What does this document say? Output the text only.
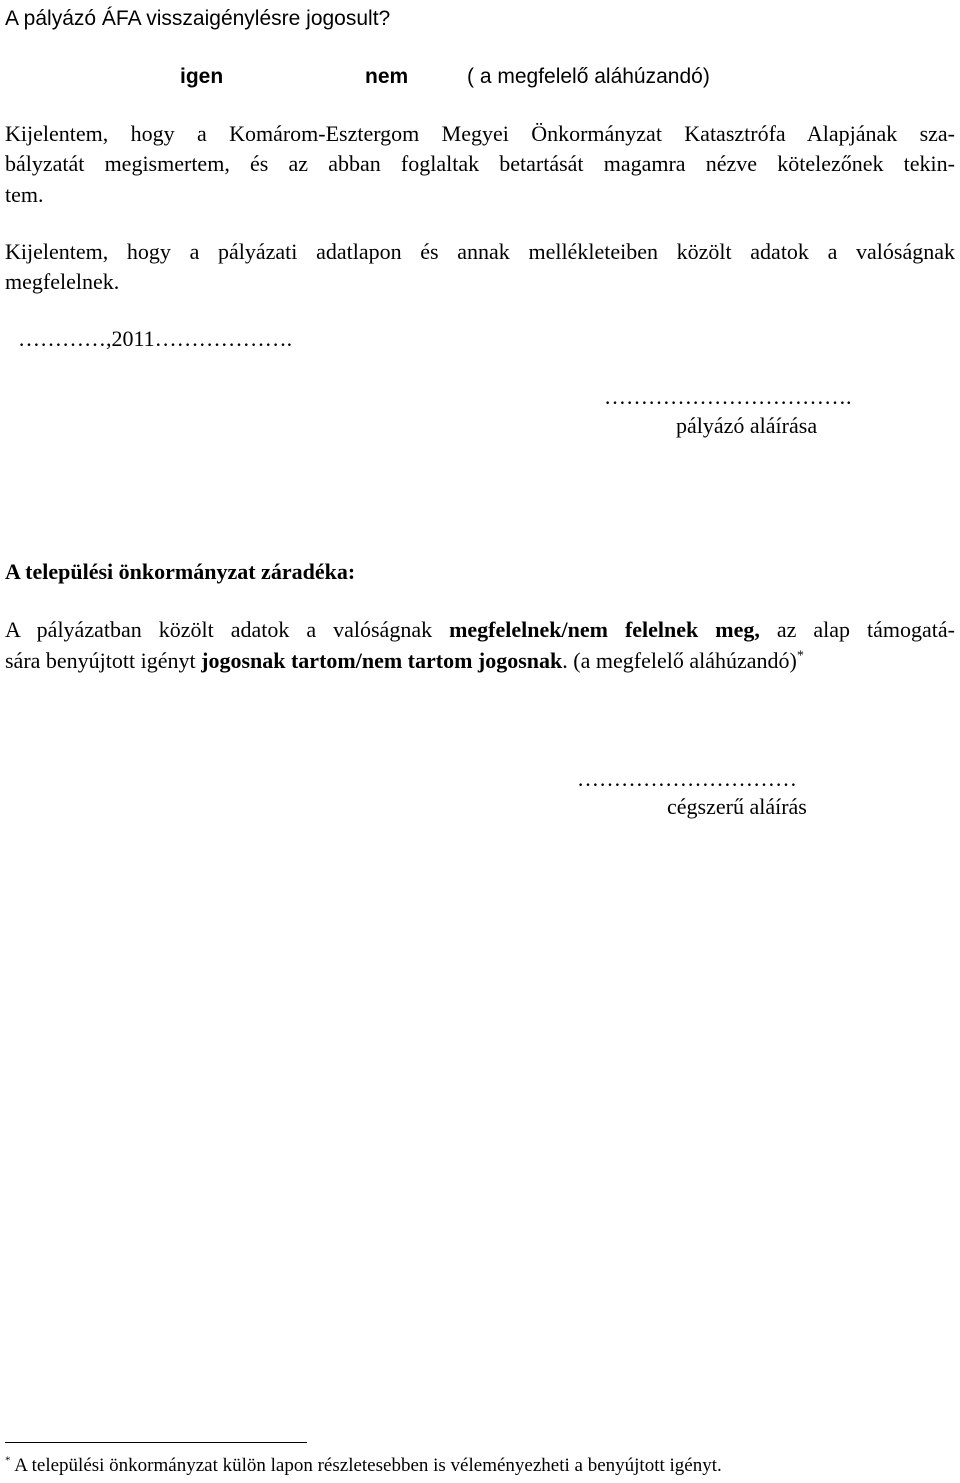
A pályázó ÁFA visszaigénylésre jogosult?
igen	nem	( a megfelelő aláhúzandó)
Kijelentem, hogy a Komárom-Esztergom Megyei Önkormányzat Katasztrófa Alapjának sza-
bályzatát megismertem, és az abban foglaltak betartását magamra nézve kötelezőnek tekin-
tem.
Kijelentem, hogy a pályázati adatlapon és annak mellékleteiben közölt adatok a valóságnak
megfelelnek.
…………,2011……………….
…………………………….
pályázó aláírása
A települési önkormányzat záradéka:
A pályázatban közölt adatok a valóságnak megfelelnek/nem felelnek meg, az alap támogatá-
sára benyújtott igényt jogosnak tartom/nem tartom jogosnak. (a megfelelő aláhúzandó)*
…………………………
cégszerű aláírás
* A települési önkormányzat külön lapon részletesebben is véleményezheti a benyújtott igényt.
